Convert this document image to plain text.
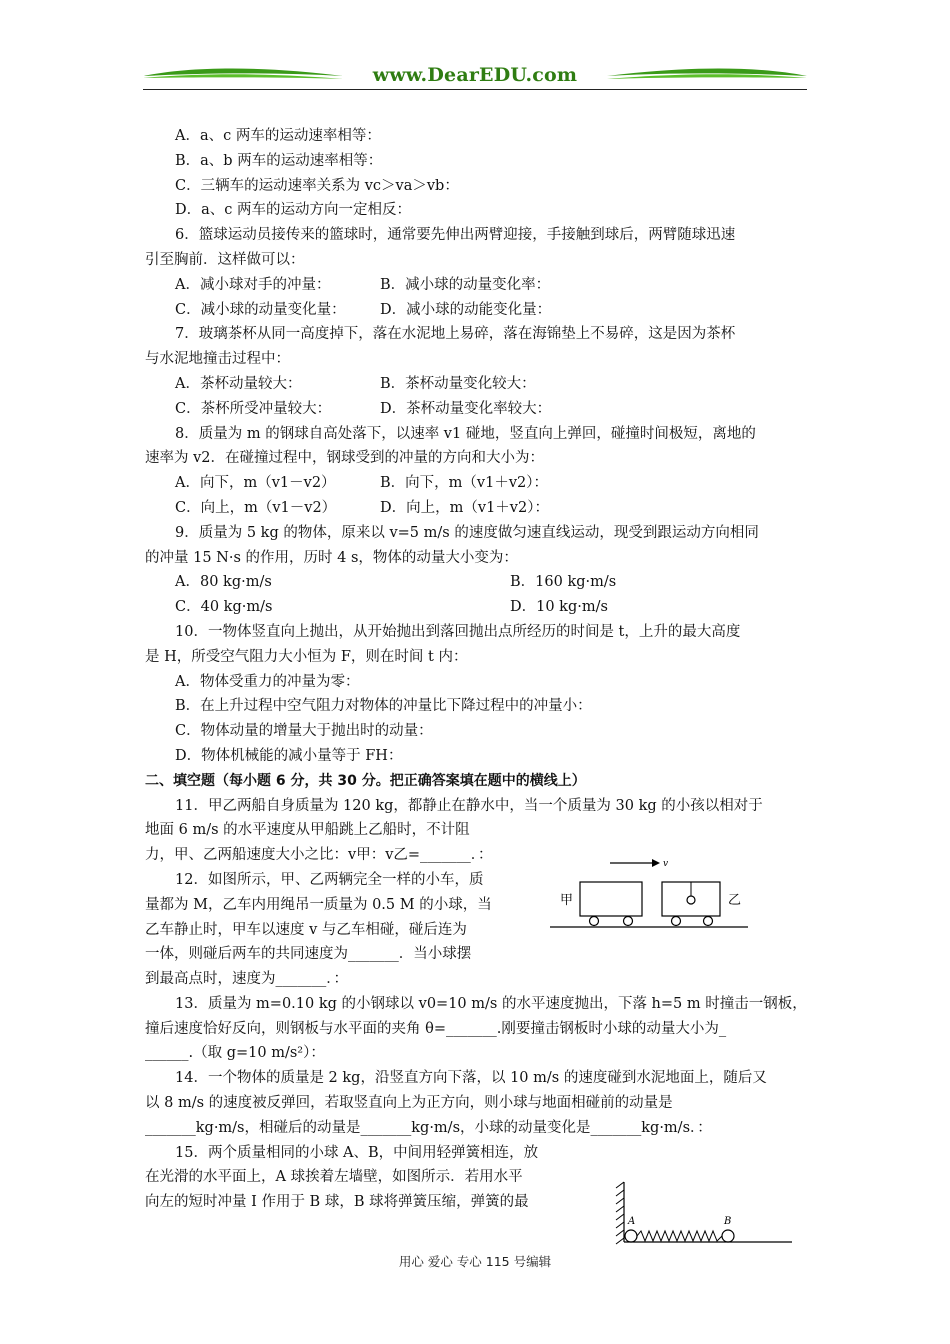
www.DearEDU.com
A．a、c 两车的运动速率相等：
B．a、b 两车的运动速率相等：
C．三辆车的运动速率关系为 vc＞va＞vb：
D．a、c 两车的运动方向一定相反：
6．篮球运动员接传来的篮球时，通常要先伸出两臂迎接，手接触到球后，两臂随球迅速
引至胸前．这样做可以：
A．减小球对手的冲量：	B．减小球的动量变化率：
C．减小球的动量变化量： D．减小球的动能变化量：
7．玻璃茶杯从同一高度掉下，落在水泥地上易碎，落在海锦垫上不易碎，这是因为茶杯
与水泥地撞击过程中：
A．茶杯动量较大：	B．茶杯动量变化较大：
C．茶杯所受冲量较大：	D．茶杯动量变化率较大：
8．质量为 m 的钢球自高处落下，以速率 v1 碰地，竖直向上弹回，碰撞时间极短，离地的
速率为 v2．在碰撞过程中，钢球受到的冲量的方向和大小为：
A．向下，m（v1－v2）	B．向下，m（v1＋v2）：
C．向上，m（v1－v2）	D．向上，m（v1＋v2）：
9．质量为 5 kg 的物体，原来以 v=5 m/s 的速度做匀速直线运动，现受到跟运动方向相同
的冲量 15 N·s 的作用，历时 4 s，物体的动量大小变为：
A．80 kg·m/s	B．160 kg·m/s
C．40 kg·m/s	D．10 kg·m/s
10．一物体竖直向上抛出，从开始抛出到落回抛出点所经历的时间是 t，上升的最大高度
是 H，所受空气阻力大小恒为 F，则在时间 t 内：
A．物体受重力的冲量为零：
B．在上升过程中空气阻力对物体的冲量比下降过程中的冲量小：
C．物体动量的增量大于抛出时的动量：
D．物体机械能的减小量等于 FH：
二、填空题（每小题 6 分，共 30 分。把正确答案填在题中的横线上）
11．甲乙两船自身质量为 120 kg，都静止在静水中，当一个质量为 30 kg 的小孩以相对于
地面 6 m/s 的水平速度从甲船跳上乙船时，不计阻
力，甲、乙两船速度大小之比：v甲：v乙=_______．：
12．如图所示，甲、乙两辆完全一样的小车，质
量都为 M，乙车内用绳吊一质量为 0.5 M 的小球，当
乙车静止时，甲车以速度 v 与乙车相碰，碰后连为
一体，则碰后两车的共同速度为_______．当小球摆
到最高点时，速度为_______．：
13．质量为 m=0.10 kg 的小钢球以 v0=10 m/s 的水平速度抛出，下落 h=5 m 时撞击一钢板，
撞后速度恰好反向，则钢板与水平面的夹角 θ=_______.刚要撞击钢板时小球的动量大小为_
______.（取 g=10 m/s²）：
14．一个物体的质量是 2 kg，沿竖直方向下落，以 10 m/s 的速度碰到水泥地面上，随后又
以 8 m/s 的速度被反弹回，若取竖直向上为正方向，则小球与地面相碰前的动量是
_______kg·m/s，相碰后的动量是_______kg·m/s，小球的动量变化是_______kg·m/s．：
15．两个质量相同的小球 A、B，中间用轻弹簧相连，放
在光滑的水平面上，A 球挨着左墙壁，如图所示．若用水平
向左的短时冲量 I 作用于 B 球，B 球将弹簧压缩，弹簧的最
v
甲	乙
A	B
用心 爱心 专心 115 号编辑
